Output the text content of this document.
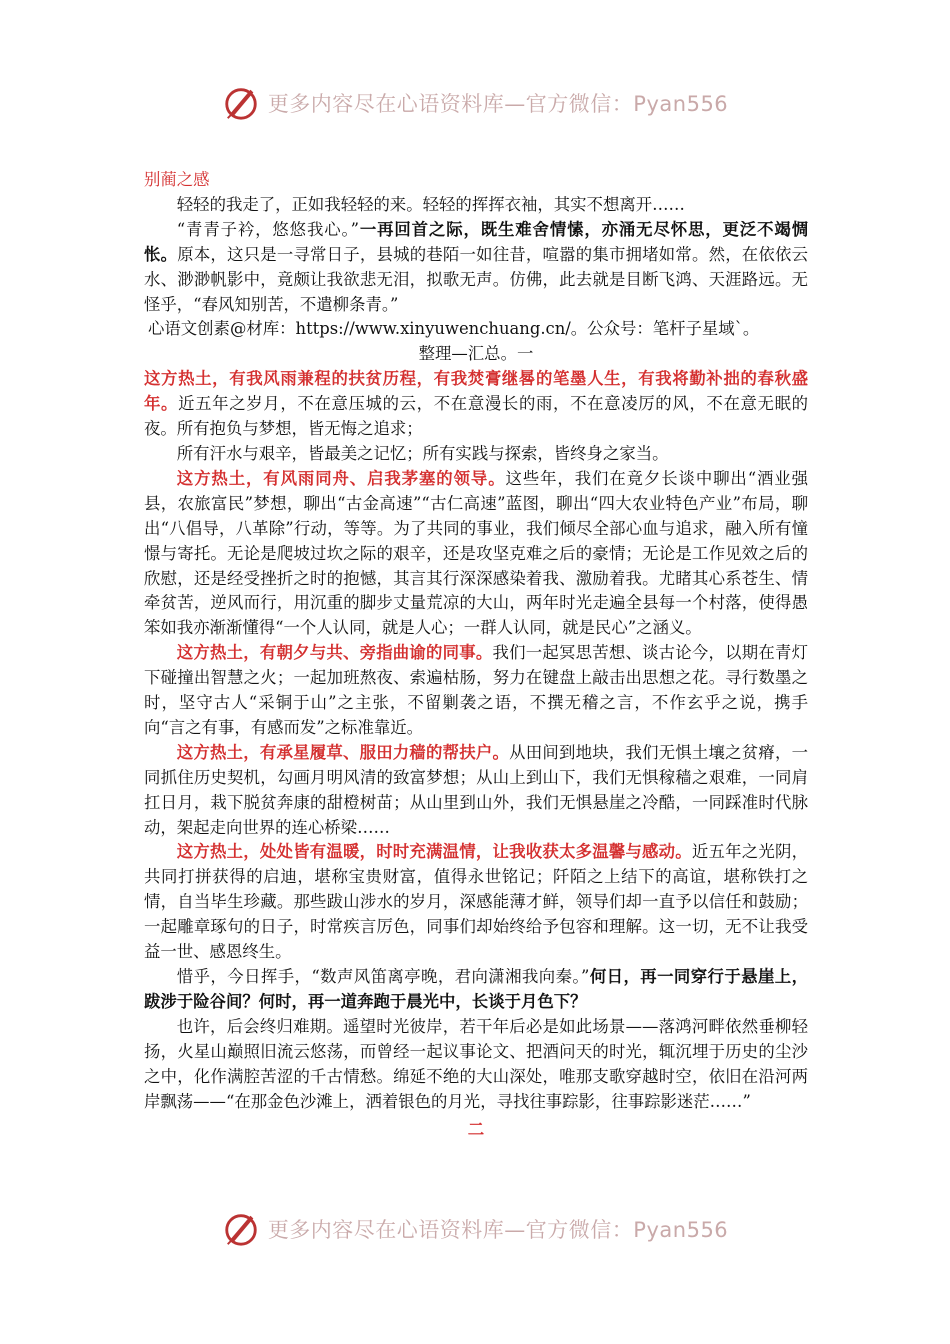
更多内容尽在心语资料库—官方微信：Pyan556

别蔺之感

轻轻的我走了，正如我轻轻的来。轻轻的挥挥衣袖，其实不想离开……

“青青子衿，悠悠我心。”一再回首之际，既生难舍情愫，亦涌无尽怀思，更泛不竭惆怅。原本，这只是一寻常日子，县城的巷陌一如往昔，喧嚣的集市拥堵如常。然，在依依云水、渺渺帆影中，竟颇让我欲悲无泪，拟歌无声。仿佛，此去就是目断飞鸿、天涯路远。无怪乎，“春风知别苦，不遣柳条青。”

心语文创素@材库：https://www.xinyuwenchuang.cn/。公众号：笔杆子星域`。

整理—汇总。一

这方热土，有我风雨兼程的扶贫历程，有我焚膏继晷的笔墨人生，有我将勤补拙的春秋盛年。近五年之岁月，不在意压城的云，不在意漫长的雨，不在意凌厉的风，不在意无眠的夜。所有抱负与梦想，皆无悔之追求；

所有汗水与艰辛，皆最美之记忆；所有实践与探索，皆终身之家当。

这方热土，有风雨同舟、启我茅塞的领导。这些年，我们在竟夕长谈中聊出“酒业强县，农旅富民”梦想，聊出“古金高速”“古仁高速”蓝图，聊出“四大农业特色产业”布局，聊出“八倡导，八革除”行动，等等。为了共同的事业，我们倾尽全部心血与追求，融入所有憧憬与寄托。无论是爬坡过坎之际的艰辛，还是攻坚克难之后的豪情；无论是工作见效之后的欣慰，还是经受挫折之时的抱憾，其言其行深深感染着我、激励着我。尤睹其心系苍生、情牵贫苦，逆风而行，用沉重的脚步丈量荒凉的大山，两年时光走遍全县每一个村落，使得愚笨如我亦渐渐懂得“一个人认同，就是人心；一群人认同，就是民心”之涵义。

这方热土，有朝夕与共、旁指曲谕的同事。我们一起冥思苦想、谈古论今，以期在青灯下碰撞出智慧之火；一起加班熬夜、索遍枯肠，努力在键盘上敲击出思想之花。寻行数墨之时，坚守古人“采铜于山”之主张，不留剿袭之语，不撰无稽之言，不作玄乎之说，携手向“言之有事，有感而发”之标准靠近。

这方热土，有承星履草、服田力穑的帮扶户。从田间到地块，我们无惧土壤之贫瘠，一同抓住历史契机，勾画月明风清的致富梦想；从山上到山下，我们无惧稼穑之艰难，一同肩扛日月，栽下脱贫奔康的甜橙树苗；从山里到山外，我们无惧悬崖之冷酷，一同踩准时代脉动，架起走向世界的连心桥梁……

这方热土，处处皆有温暖，时时充满温情，让我收获太多温馨与感动。近五年之光阴，共同打拼获得的启迪，堪称宝贵财富，值得永世铭记；阡陌之上结下的高谊，堪称铁打之情，自当毕生珍藏。那些跋山涉水的岁月，深感能薄才鲜，领导们却一直予以信任和鼓励；一起雕章琢句的日子，时常疾言厉色，同事们却始终给予包容和理解。这一切，无不让我受益一世、感恩终生。

惜乎，今日挥手，“数声风笛离亭晚，君向潇湘我向秦。”何日，再一同穿行于悬崖上，跋涉于险谷间？何时，再一道奔跑于晨光中，长谈于月色下？

也许，后会终归难期。遥望时光彼岸，若干年后必是如此场景——落鸿河畔依然垂柳轻扬，火星山巅照旧流云悠荡，而曾经一起议事论文、把酒问天的时光，辄沉埋于历史的尘沙之中，化作满腔苦涩的千古情愁。绵延不绝的大山深处，唯那支歌穿越时空，依旧在沿河两岸飘荡——“在那金色沙滩上，洒着银色的月光，寻找往事踪影，往事踪影迷茫……”

二

更多内容尽在心语资料库—官方微信：Pyan556
